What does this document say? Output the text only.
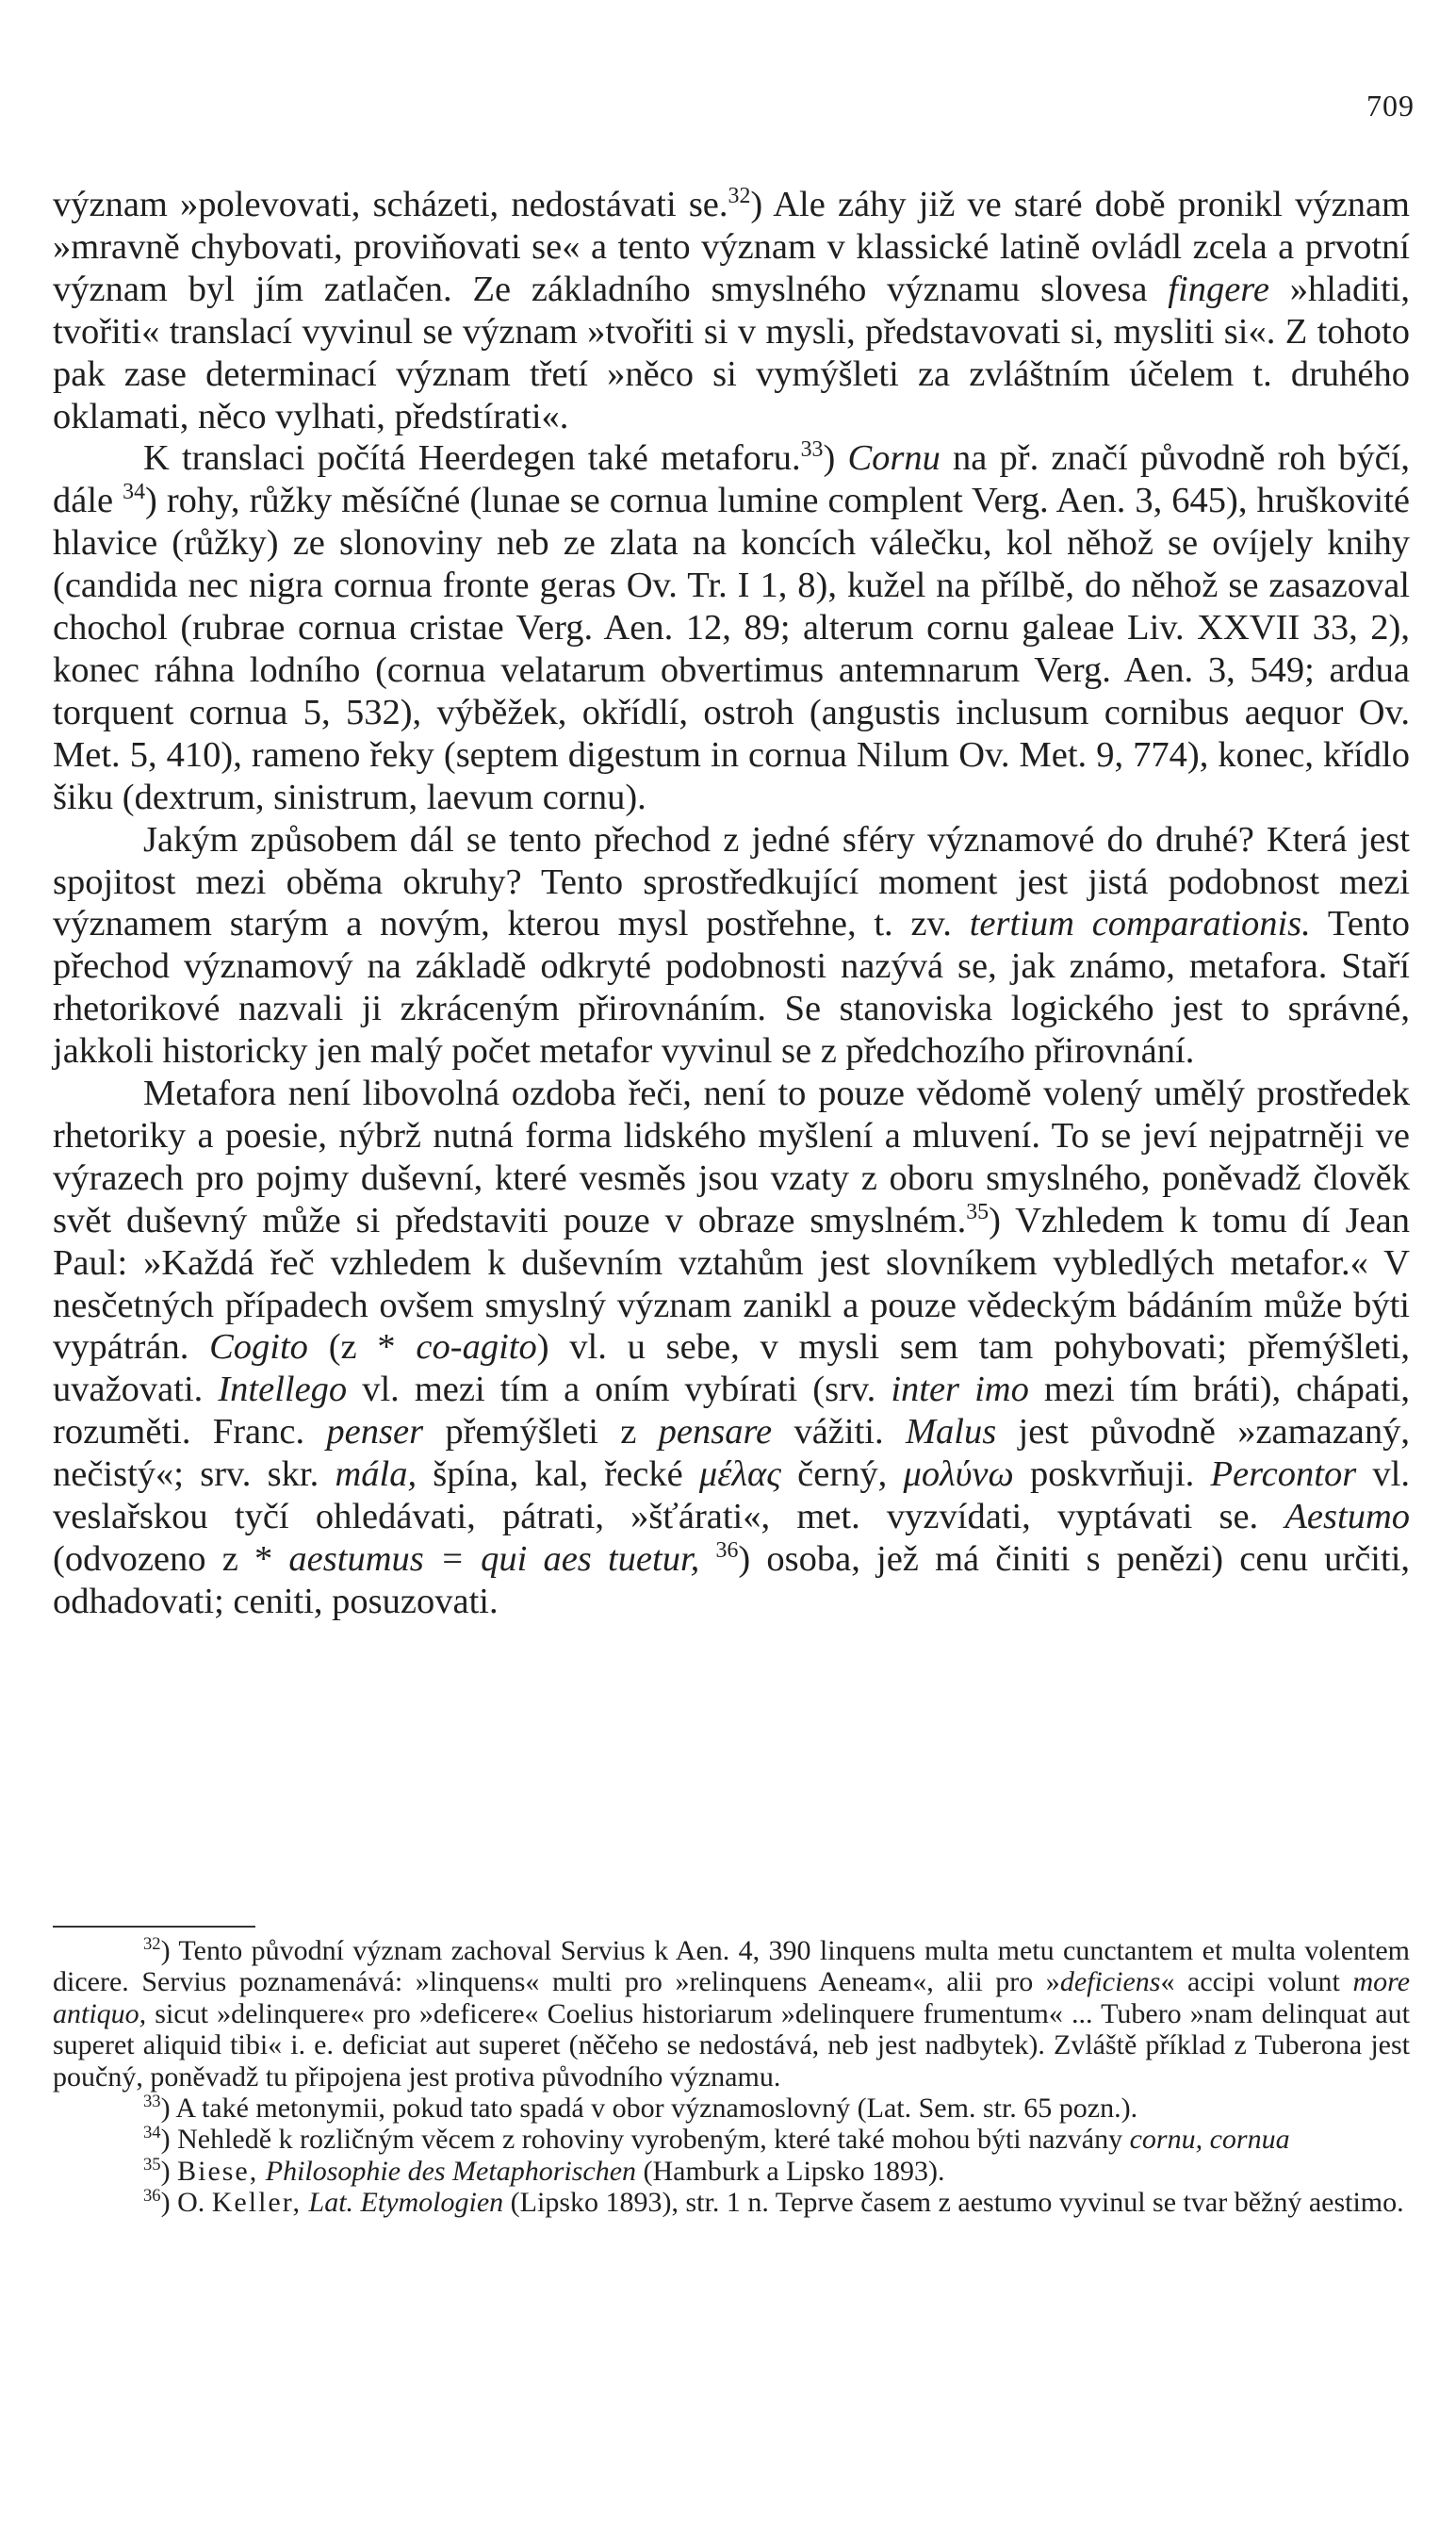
709

význam »polevovati, scházeti, nedostávati se.$^{32}$) Ale záhy již ve staré době pronikl význam »mravně chybovati, proviňovati se« a tento význam v klassické latině ovládl zcela a prvotní význam byl jím zatlačen. Ze základního smyslného významu slovesa fingere »hladiti, tvořiti« translací vyvinul se význam »tvořiti si v mysli, představovati si, mysliti si«. Z tohoto pak zase determinací význam třetí »něco si vymýšleti za zvláštním účelem t. druhého oklamati, něco vylhati, předstírati«.

K translaci počítá Heerdegen také metaforu.$^{33}$) Cornu na př. značí původně roh býčí, dále $^{34}$) rohy, růžky měsíčné (lunae se cornua lumine complent Verg. Aen. 3, 645), hruškovité hlavice (růžky) ze slonoviny neb ze zlata na koncích válečku, kol něhož se ovíjely knihy (candida nec nigra cornua fronte geras Ov. Tr. I 1, 8), kužel na přílbě, do něhož se zasazoval chochol (rubrae cornua cristae Verg. Aen. 12, 89; alterum cornu galeae Liv. XXVII 33, 2), konec ráhna lodního (cornua velatarum obvertimus antemnarum Verg. Aen. 3, 549; ardua torquent cornua 5, 532), výběžek, okřídlí, ostroh (angustis inclusum cornibus aequor Ov. Met. 5, 410), rameno řeky (septem digestum in cornua Nilum Ov. Met. 9, 774), konec, křídlo šiku (dextrum, sinistrum, laevum cornu).

Jakým způsobem dál se tento přechod z jedné sféry významové do druhé? Která jest spojitost mezi oběma okruhy? Tento sprostředkující moment jest jistá podobnost mezi významem starým a novým, kterou mysl postřehne, t. zv. tertium comparationis. Tento přechod významový na základě odkryté podobnosti nazývá se, jak známo, metafora. Staří rhetorikové nazvali ji zkráceným přirovnáním. Se stanoviska logického jest to správné, jakkoli historicky jen malý počet metafor vyvinul se z předchozího přirovnání.

Metafora není libovolná ozdoba řeči, není to pouze vědomě volený umělý prostředek rhetoriky a poesie, nýbrž nutná forma lidského myšlení a mluvení. To se jeví nejpatrněji ve výrazech pro pojmy duševní, které vesměs jsou vzaty z oboru smyslného, poněvadž člověk svět duševný může si představiti pouze v obraze smyslném.$^{35}$) Vzhledem k tomu dí Jean Paul: »Každá řeč vzhledem k duševním vztahům jest slovníkem vybledlých metafor.« V nesčetných případech ovšem smyslný význam zanikl a pouze vědeckým bádáním může býti vypátrán. Cogito (z * co-agito) vl. u sebe, v mysli sem tam pohybovati; přemýšleti, uvažovati. Intellego vl. mezi tím a oním vybírati (srv. inter imo mezi tím bráti), chápati, rozuměti. Franc. penser přemýšleti z pensare vážiti. Malus jest původně »zamazaný, nečistý«; srv. skr. mála, špína, kal, řecké μέλας černý, μολύνω poskvrňuji. Percontor vl. veslařskou tyčí ohledávati, pátrati, »šťárati«, met. vyzvídati, vyptávati se. Aestumo (odvozeno z * aestumus = qui aes tuetur, $^{36}$) osoba, jež má činiti s penězi) cenu určiti, odhadovati; ceniti, posuzovati.

$^{32}$) Tento původní význam zachoval Servius k Aen. 4, 390 linquens multa metu cunctantem et multa volentem dicere. Servius poznamenává: »linquens« multi pro »relinquens Aeneam«, alii pro »deficiens« accipi volunt more antiquo, sicut »delinquere« pro »deficere« Coelius historiarum »delinquere frumentum« ... Tubero »nam delinquat aut superet aliquid tibi« i. e. deficiat aut superet (něčeho se nedostává, neb jest nadbytek). Zvláště příklad z Tuberona jest poučný, poněvadž tu připojena jest protiva původního významu.

$^{33}$) A také metonymii, pokud tato spadá v obor významoslovný (Lat. Sem. str. 65 pozn.).

$^{34}$) Nehledě k rozličným věcem z rohoviny vyrobeným, které také mohou býti nazvány cornu, cornua

$^{35}$) Biese, Philosophie des Metaphorischen (Hamburk a Lipsko 1893).

$^{36}$) O. Keller, Lat. Etymologien (Lipsko 1893), str. 1 n. Teprve časem z aestumo vyvinul se tvar běžný aestimo.
